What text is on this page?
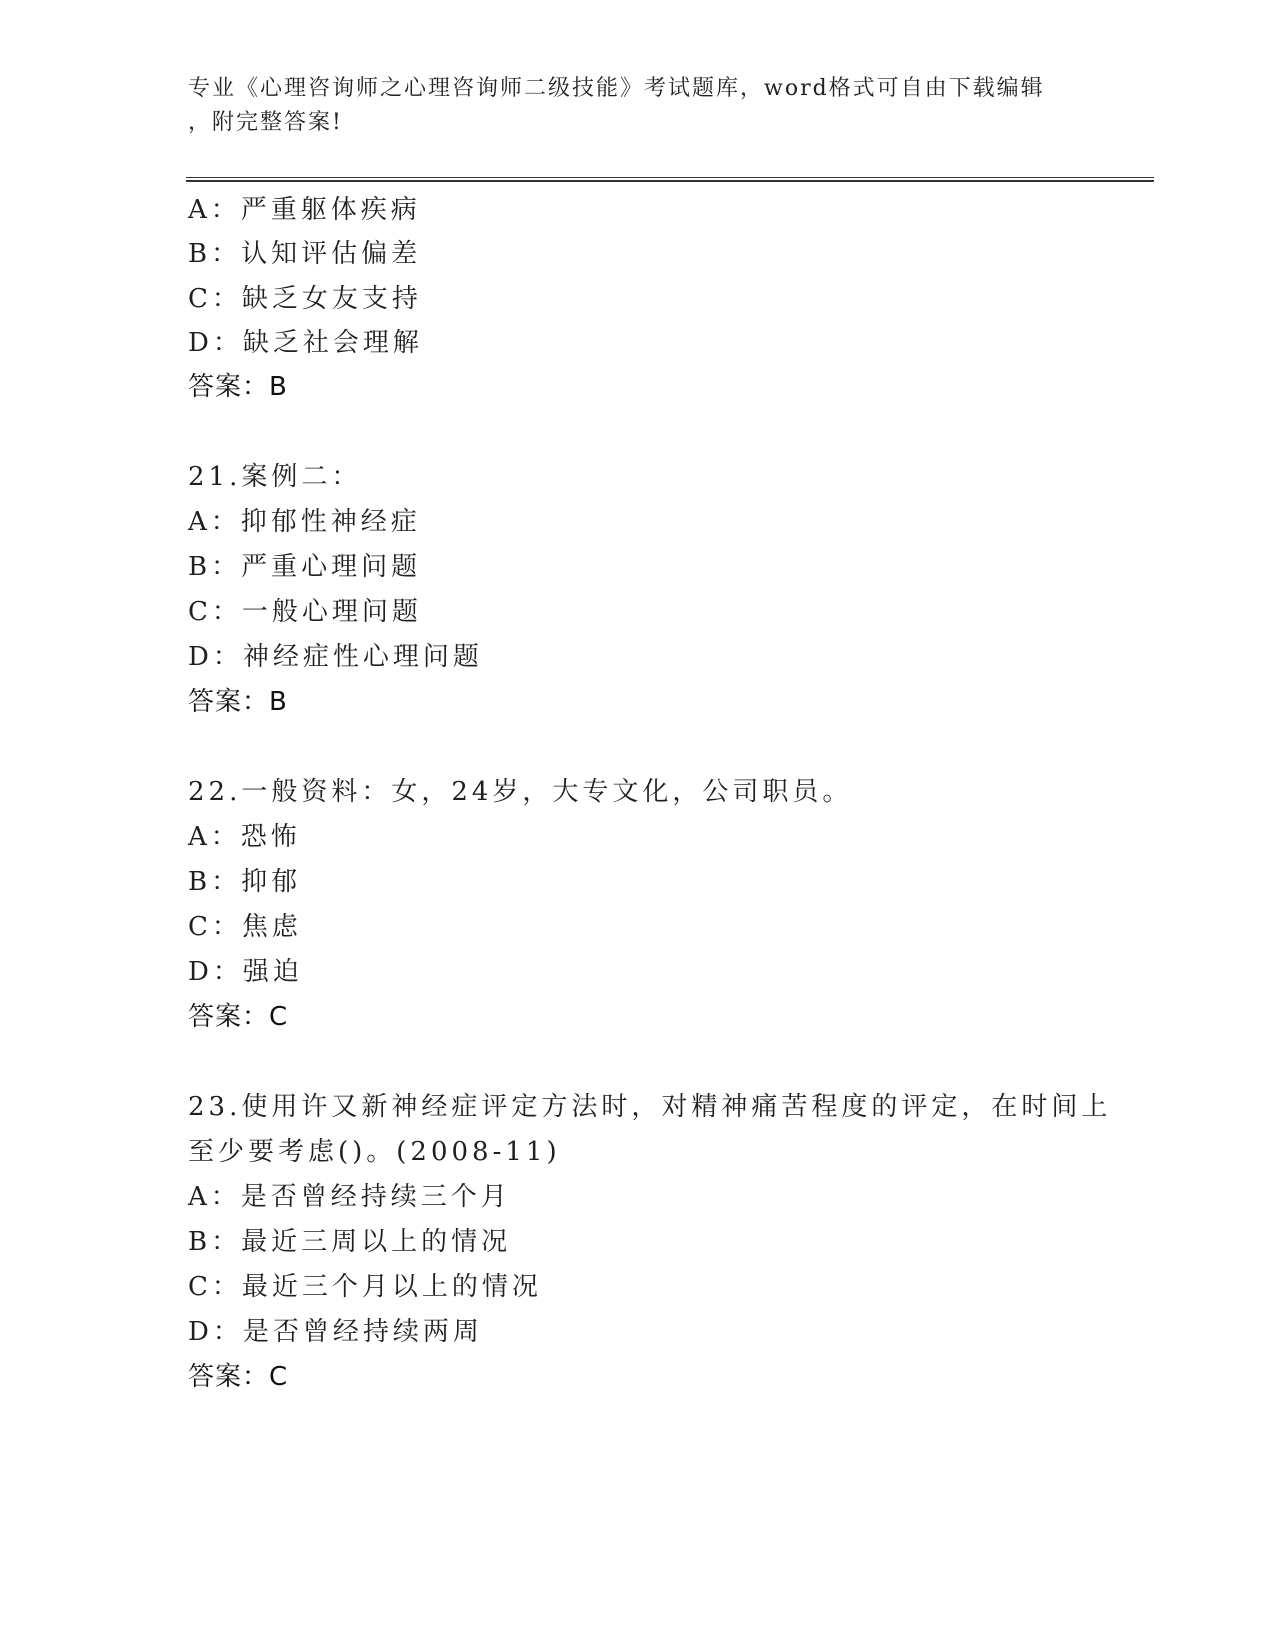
专业《心理咨询师之心理咨询师二级技能》考试题库，word格式可自由下载编辑
，附完整答案!
A：严重躯体疾病
B：认知评估偏差
C：缺乏女友支持
D：缺乏社会理解
答案：B
21.案例二：
A：抑郁性神经症
B：严重心理问题
C：一般心理问题
D：神经症性心理问题
答案：B
22.一般资料：女，24岁，大专文化，公司职员。
A：恐怖
B：抑郁
C：焦虑
D：强迫
答案：C
23.使用许又新神经症评定方法时，对精神痛苦程度的评定，在时间上
至少要考虑()。(2008-11)
A：是否曾经持续三个月
B：最近三周以上的情况
C：最近三个月以上的情况
D：是否曾经持续两周
答案：C
